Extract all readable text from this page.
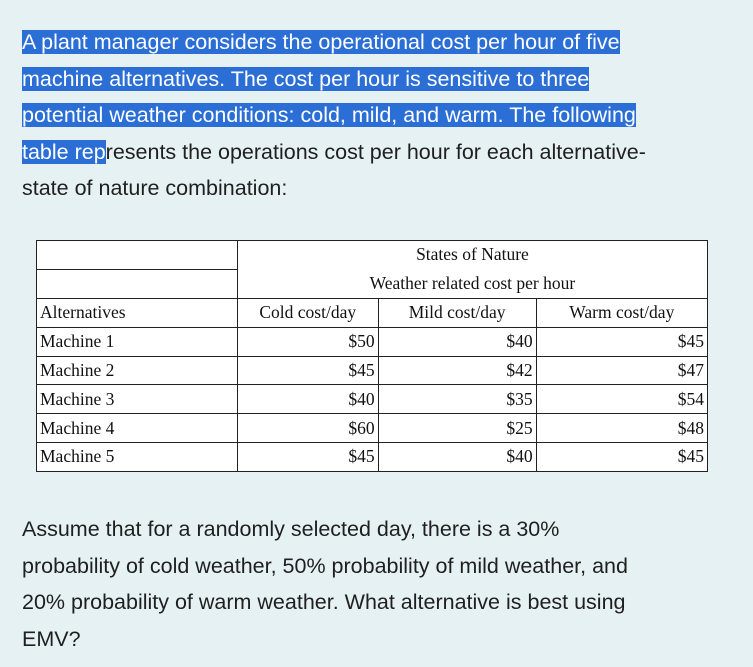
A plant manager considers the operational cost per hour of five
machine alternatives. The cost per hour is sensitive to three
potential weather conditions: cold, mild, and warm. The following
table represents the operations cost per hour for each alternative-
state of nature combination:

	States of Nature		
	Weather related cost per hour		
Alternatives	Cold cost/day	Mild cost/day	Warm cost/day
Machine 1	$50	$40	$45
Machine 2	$45	$42	$47
Machine 3	$40	$35	$54
Machine 4	$60	$25	$48
Machine 5	$45	$40	$45

Assume that for a randomly selected day, there is a 30%
probability of cold weather, 50% probability of mild weather, and
20% probability of warm weather. What alternative is best using
EMV?
